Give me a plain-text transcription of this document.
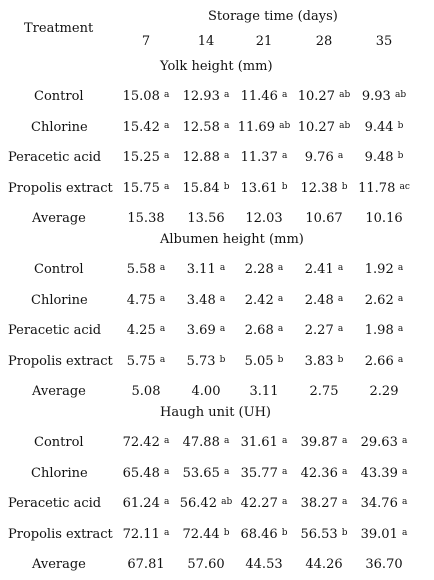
Treatment
Storage time (days)
7	14	21	28	35
Yolk height (mm)
Control	15.08 $^a$ 12.93 $^a$ 11.46 $^a$ 10.27 $^{ab}$ 9.93 $^{ab}$
Chlorine	15.42 $^a$ 12.58 $^a$ 11.69 $^{ab}$ 10.27 $^{ab}$ 9.44 $^b$
Peracetic acid 15.25 $^a$ 12.88 $^a$ 11.37 $^a$ 9.76 $^a$ 9.48 $^b$
Propolis extract 15.75 $^a$ 15.84 $^b$ 13.61 $^b$ 12.38 $^b$ 11.78 $^{ac}$
Average	15.38 13.56 12.03 10.67 10.16
Albumen height (mm)
Control	5.58 $^a$ 3.11 $^a$ 2.28 $^a$ 2.41 $^a$ 1.92 $^a$
Chlorine	4.75 $^a$ 3.48 $^a$ 2.42 $^a$ 2.48 $^a$ 2.62 $^a$
Peracetic acid 4.25 $^a$ 3.69 $^a$ 2.68 $^a$ 2.27 $^a$ 1.98 $^a$
Propolis extract 5.75 $^a$ 5.73 $^b$ 5.05 $^b$ 3.83 $^b$ 2.66 $^a$
Average	5.08 4.00 3.11 2.75 2.29
Haugh unit (UH)
Control	72.42 $^a$ 47.88 $^a$ 31.61 $^a$ 39.87 $^a$ 29.63 $^a$
Chlorine	65.48 $^a$ 53.65 $^a$ 35.77 $^a$ 42.36 $^a$ 43.39 $^a$
Peracetic acid 61.24 $^a$ 56.42 $^{ab}$ 42.27 $^a$ 38.27 $^a$ 34.76 $^a$
Propolis extract 72.11 $^a$ 72.44 $^b$ 68.46 $^b$ 56.53 $^b$ 39.01 $^a$
Average	67.81 57.60 44.53 44.26 36.70
